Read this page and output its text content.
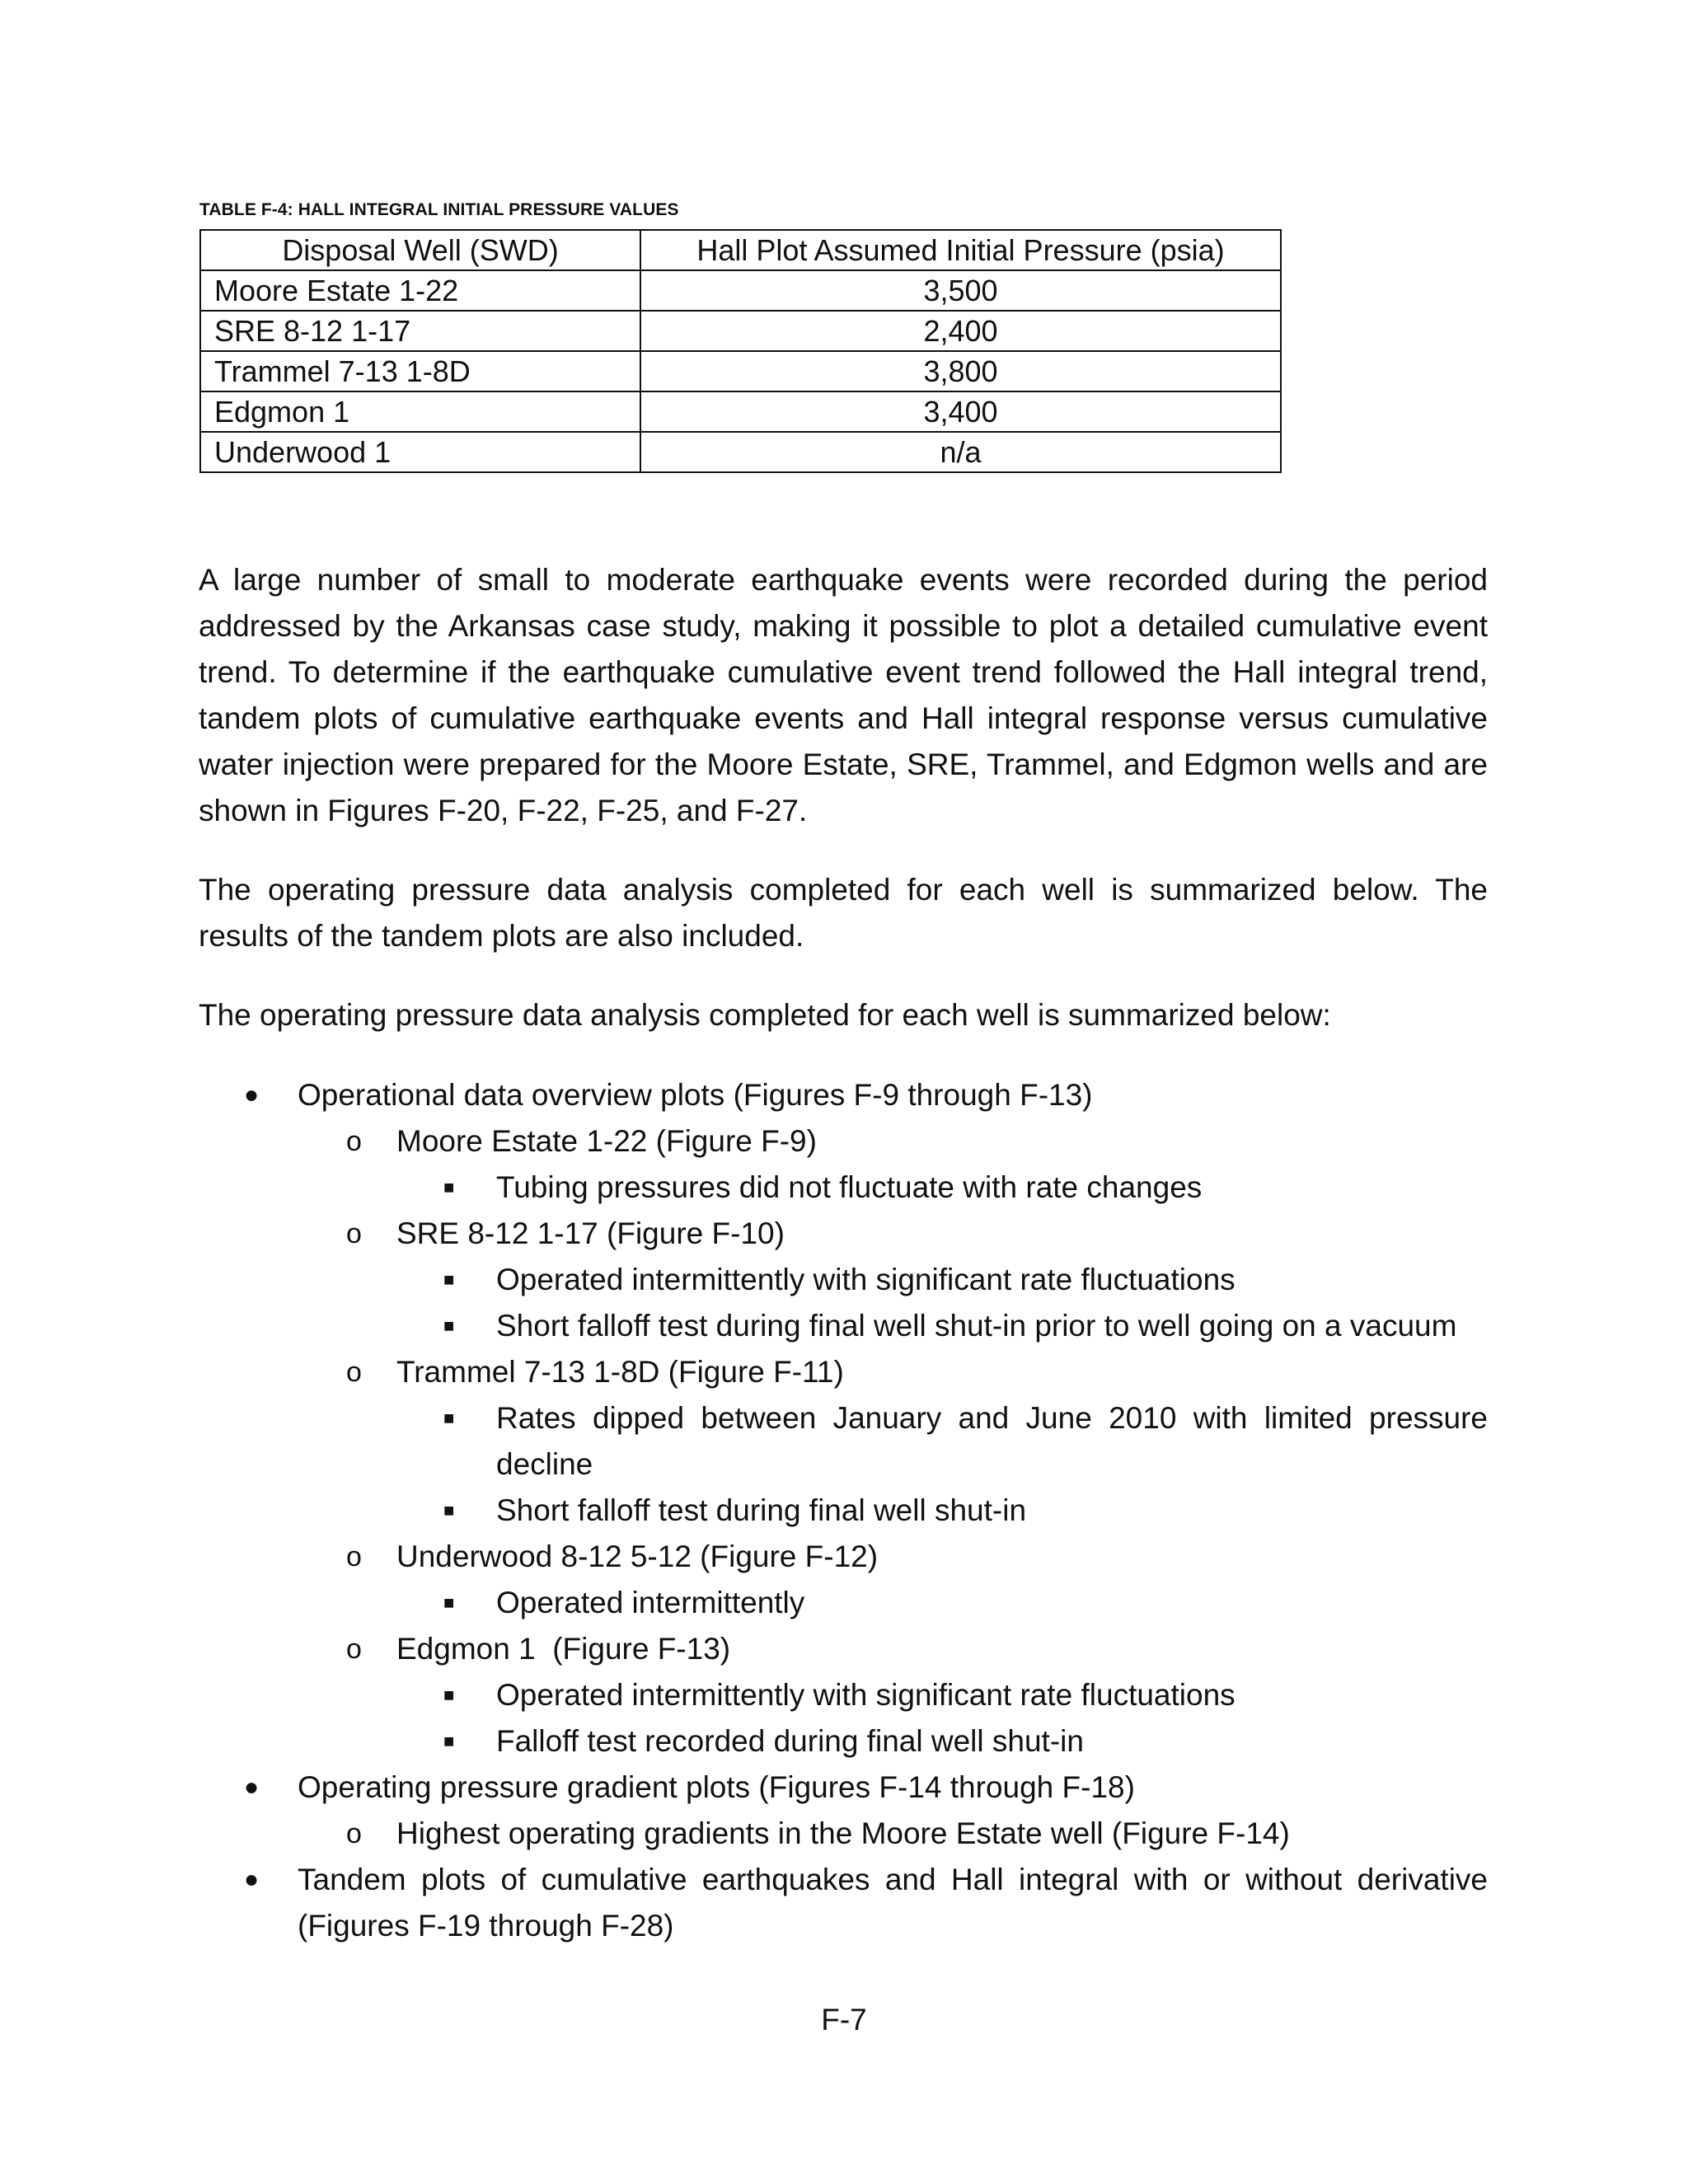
TABLE F-4: HALL INTEGRAL INITIAL PRESSURE VALUES
Disposal Well (SWD)	Hall Plot Assumed Initial Pressure (psia)
Moore Estate 1-22	3,500
SRE 8-12 1-17	2,400
Trammel 7-13 1-8D	3,800
Edgmon 1	3,400
Underwood 1	n/a

A large number of small to moderate earthquake events were recorded during the period addressed by the Arkansas case study, making it possible to plot a detailed cumulative event trend. To determine if the earthquake cumulative event trend followed the Hall integral trend, tandem plots of cumulative earthquake events and Hall integral response versus cumulative water injection were prepared for the Moore Estate, SRE, Trammel, and Edgmon wells and are shown in Figures F-20, F-22, F-25, and F-27.

The operating pressure data analysis completed for each well is summarized below. The results of the tandem plots are also included.

The operating pressure data analysis completed for each well is summarized below:

● Operational data overview plots (Figures F-9 through F-13)
o Moore Estate 1-22 (Figure F-9)
■ Tubing pressures did not fluctuate with rate changes
o SRE 8-12 1-17 (Figure F-10)
■ Operated intermittently with significant rate fluctuations
■ Short falloff test during final well shut-in prior to well going on a vacuum
o Trammel 7-13 1-8D (Figure F-11)
■ Rates dipped between January and June 2010 with limited pressure decline
■ Short falloff test during final well shut-in
o Underwood 8-12 5-12 (Figure F-12)
■ Operated intermittently
o Edgmon 1  (Figure F-13)
■ Operated intermittently with significant rate fluctuations
■ Falloff test recorded during final well shut-in
● Operating pressure gradient plots (Figures F-14 through F-18)
o Highest operating gradients in the Moore Estate well (Figure F-14)
● Tandem plots of cumulative earthquakes and Hall integral with or without derivative (Figures F-19 through F-28)
F-7
